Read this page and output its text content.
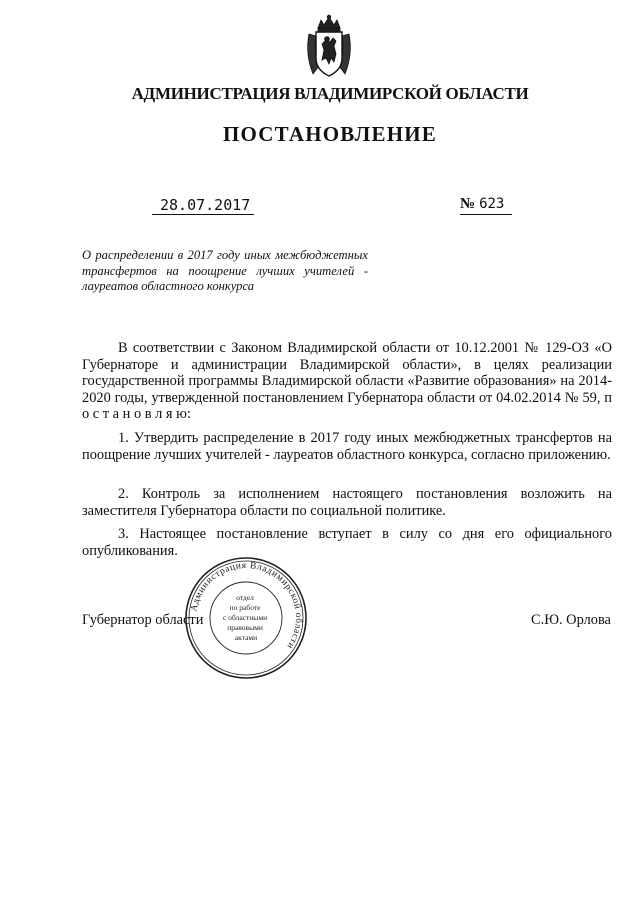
АДМИНИСТРАЦИЯ ВЛАДИМИРСКОЙ ОБЛАСТИ
ПОСТАНОВЛЕНИЕ
28.07.2017	№ 623
О распределении в 2017 году иных межбюджетных трансфертов на поощрение лучших учителей - лауреатов областного конкурса
В соответствии с Законом Владимирской области от 10.12.2001 № 129-ОЗ «О Губернаторе и администрации Владимирской области», в целях реализации государственной программы Владимирской области «Развитие образования» на 2014-2020 годы, утвержденной постановлением Губернатора области от 04.02.2014 № 59, п о с т а н о в л я ю:
1. Утвердить распределение в 2017 году иных межбюджетных трансфертов на поощрение лучших учителей - лауреатов областного конкурса, согласно приложению.
2. Контроль за исполнением настоящего постановления возложить на заместителя Губернатора области по социальной политике.
3. Настоящее постановление вступает в силу со дня его официального опубликования.
Губернатор области	С.Ю. Орлова
Администрация Владимирской области
отдел по работе с областными правовыми актами
